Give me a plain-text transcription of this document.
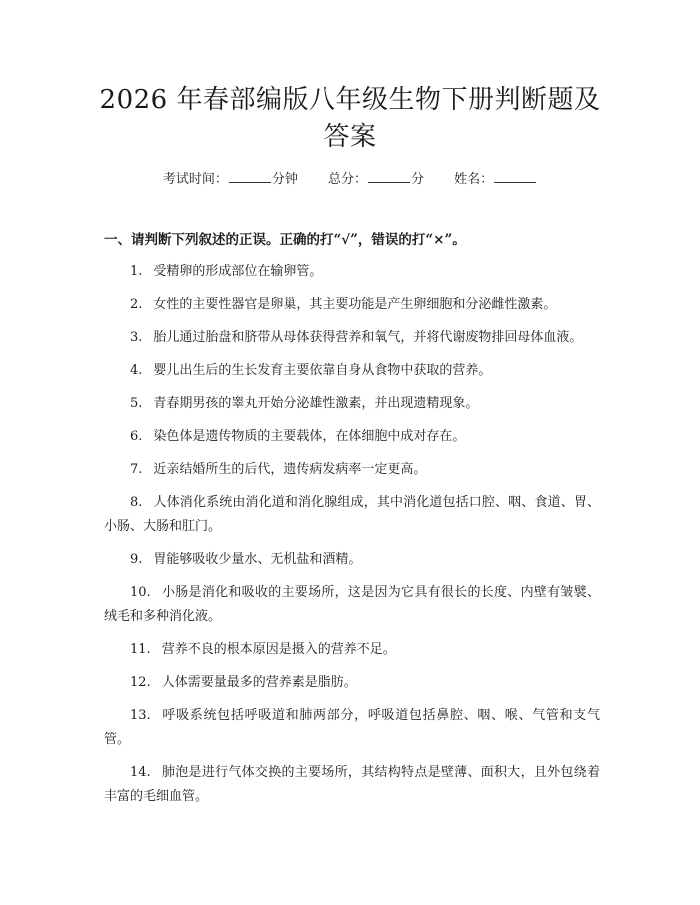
2026 年春部编版八年级生物下册判断题及答案
考试时间：	分钟 总分：	分 姓名：

一、请判断下列叙述的正误。正确的打“√”，错误的打“×”。

1. 受精卵的形成部位在输卵管。
2. 女性的主要性器官是卵巢，其主要功能是产生卵细胞和分泌雌性激素。
3. 胎儿通过胎盘和脐带从母体获得营养和氧气，并将代谢废物排回母体血液。
4. 婴儿出生后的生长发育主要依靠自身从食物中获取的营养。
5. 青春期男孩的睾丸开始分泌雄性激素，并出现遗精现象。
6. 染色体是遗传物质的主要载体，在体细胞中成对存在。
7. 近亲结婚所生的后代，遗传病发病率一定更高。
8. 人体消化系统由消化道和消化腺组成，其中消化道包括口腔、咽、食道、胃、小肠、大肠和肛门。
9. 胃能够吸收少量水、无机盐和酒精。
10. 小肠是消化和吸收的主要场所，这是因为它具有很长的长度、内壁有皱襞、绒毛和多种消化液。
11. 营养不良的根本原因是摄入的营养不足。
12. 人体需要量最多的营养素是脂肪。
13. 呼吸系统包括呼吸道和肺两部分，呼吸道包括鼻腔、咽、喉、气管和支气管。
14. 肺泡是进行气体交换的主要场所，其结构特点是壁薄、面积大，且外包绕着丰富的毛细血管。
